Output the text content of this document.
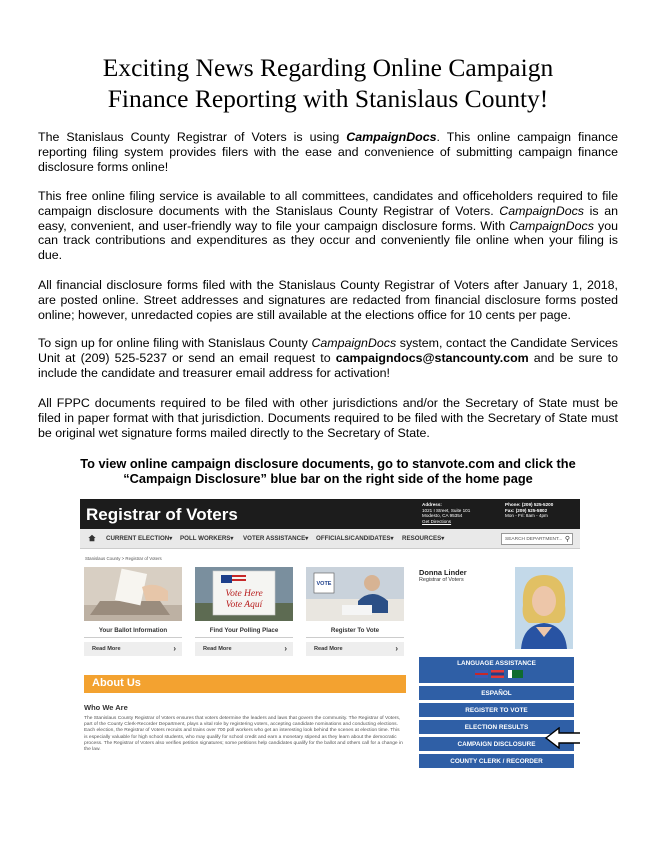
Exciting News Regarding Online Campaign
Finance Reporting with Stanislaus County!

The Stanislaus County Registrar of Voters is using CampaignDocs. This online campaign finance reporting filing system provides filers with the ease and convenience of submitting campaign finance disclosure forms online!

This free online filing service is available to all committees, candidates and officeholders required to file campaign disclosure documents with the Stanislaus County Registrar of Voters. CampaignDocs is an easy, convenient, and user-friendly way to file your campaign disclosure forms. With CampaignDocs you can track contributions and expenditures as they occur and conveniently file online when your filing is due.

All financial disclosure forms filed with the Stanislaus County Registrar of Voters after January 1, 2018, are posted online. Street addresses and signatures are redacted from financial disclosure forms posted online; however, unredacted copies are still available at the elections office for 10 cents per page.

To sign up for online filing with Stanislaus County CampaignDocs system, contact the Candidate Services Unit at (209) 525-5237 or send an email request to campaigndocs@stancounty.com and be sure to include the candidate and treasurer email address for activation!

All FPPC documents required to be filed with other jurisdictions and/or the Secretary of State must be filed in paper format with that jurisdiction. Documents required to be filed with the Secretary of State must be original wet signature forms mailed directly to the Secretary of State.

To view online campaign disclosure documents, go to stanvote.com and click the
“Campaign Disclosure” blue bar on the right side of the home page
Registrar of Voters
Address:
1021 I Street, Suite 101
Modesto, CA 95354
Get Directions
Phone: (209) 525-5200
Fax: (209) 525-5802
Mon - Fri: 8am - 4pm
CURRENT ELECTION▾ POLL WORKERS▾ VOTER ASSISTANCE▾ OFFICIALS/CANDIDATES▾ RESOURCES▾	SEARCH DEPARTMENT... ⚲
Stanislaus County > Registrar of Voters
Your Ballot Information
Read More	›
Vote Here
Vote Aquí
Find Your Polling Place
Read More	›
VOTE
Register To Vote
Read More	›
Donna Linder
Registrar of Voters
About Us
Who We Are
The Stanislaus County Registrar of Voters ensures that voters determine the leaders and laws that govern the community. The Registrar of Voters, part of the County Clerk-Recorder Department, plays a vital role by registering voters, accepting candidate nominations and conducting elections. Each election, the Registrar of Voters recruits and trains over 700 poll workers who get an interesting look behind the scenes at election time. This is especially valuable for high school students, who may qualify for school credit and earn a monetary stipend as they learn about the democratic process. The Registrar of Voters also verifies petition signatures; some petitions help candidates qualify for the ballot and others call for a change in the law.
LANGUAGE ASSISTANCE
ESPAÑOL
REGISTER TO VOTE
ELECTION RESULTS
CAMPAIGN DISCLOSURE
COUNTY CLERK / RECORDER
